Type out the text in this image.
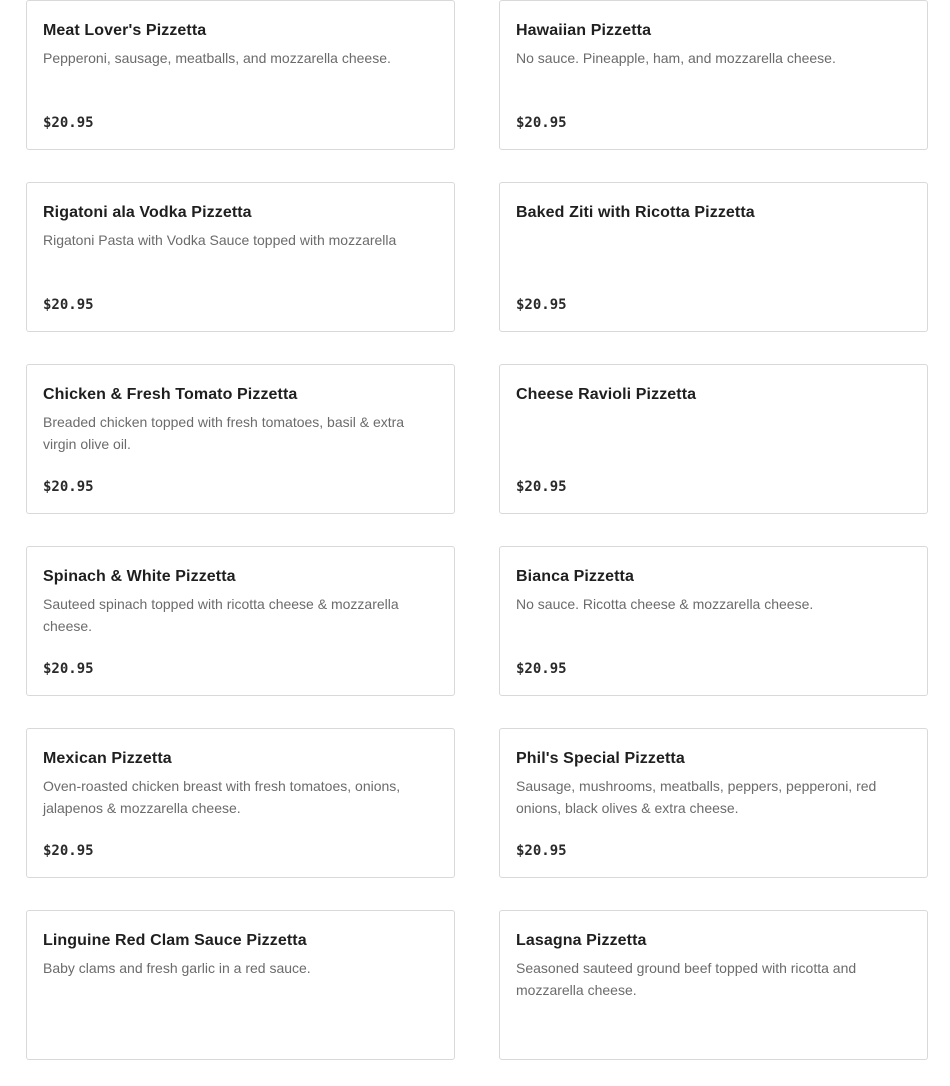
Meat Lover's Pizzetta
Pepperoni, sausage, meatballs, and mozzarella cheese.
$20.95
Hawaiian Pizzetta
No sauce. Pineapple, ham, and mozzarella cheese.
$20.95
Rigatoni ala Vodka Pizzetta
Rigatoni Pasta with Vodka Sauce topped with mozzarella
$20.95
Baked Ziti with Ricotta Pizzetta
$20.95
Chicken & Fresh Tomato Pizzetta
Breaded chicken topped with fresh tomatoes, basil & extra virgin olive oil.
$20.95
Cheese Ravioli Pizzetta
$20.95
Spinach & White Pizzetta
Sauteed spinach topped with ricotta cheese & mozzarella cheese.
$20.95
Bianca Pizzetta
No sauce. Ricotta cheese & mozzarella cheese.
$20.95
Mexican Pizzetta
Oven-roasted chicken breast with fresh tomatoes, onions, jalapenos & mozzarella cheese.
$20.95
Phil's Special Pizzetta
Sausage, mushrooms, meatballs, peppers, pepperoni, red onions, black olives & extra cheese.
$20.95
Linguine Red Clam Sauce Pizzetta
Baby clams and fresh garlic in a red sauce.
Lasagna Pizzetta
Seasoned sauteed ground beef topped with ricotta and mozzarella cheese.
